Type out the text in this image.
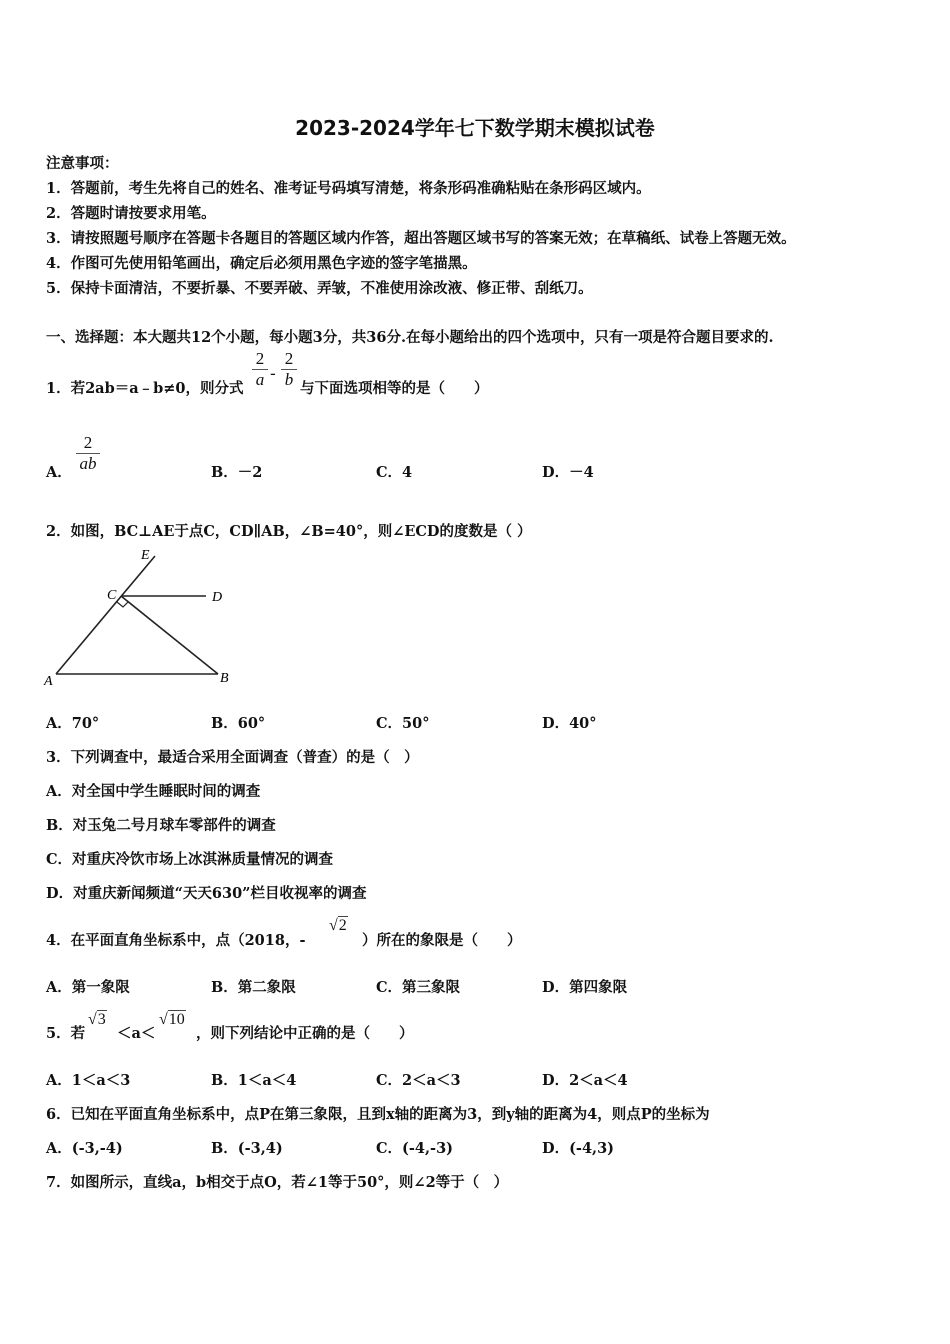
2023-2024学年七下数学期末模拟试卷
注意事项：
1．答题前，考生先将自己的姓名、准考证号码填写清楚，将条形码准确粘贴在条形码区域内。
2．答题时请按要求用笔。
3．请按照题号顺序在答题卡各题目的答题区域内作答，超出答题区域书写的答案无效；在草稿纸、试卷上答题无效。
4．作图可先使用铅笔画出，确定后必须用黑色字迹的签字笔描黑。
5．保持卡面清洁，不要折暴、不要弄破、弄皱，不准使用涂改液、修正带、刮纸刀。
一、选择题：本大题共12个小题，每小题3分，共36分.在每小题给出的四个选项中，只有一项是符合题目要求的.
1．若2ab＝a﹣b≠0，则分式
2
a -
2
b 与下面选项相等的是（　　）
A．
2
ab	B．－2	C．4	D．－4
2．如图，BC⊥AE于点C，CD∥AB，∠B=40°，则∠ECD的度数是（ ）
E
C	D
A	B
A．70°	B．60°	C．50°	D．40°
3．下列调查中，最适合采用全面调查（普查）的是（　）
A．对全国中学生睡眠时间的调查
B．对玉兔二号月球车零部件的调查
C．对重庆冷饮市场上冰淇淋质量情况的调查
D．对重庆新闻频道“天天630”栏目收视率的调查
4．在平面直角坐标系中，点（2018，-
√2
）所在的象限是（　　）
A．第一象限	B．第二象限	C．第三象限	D．第四象限
5．若
√3
＜a＜
√10
，则下列结论中正确的是（　　）
A．1＜a＜3	B．1＜a＜4	C．2＜a＜3	D．2＜a＜4
6．已知在平面直角坐标系中，点P在第三象限，且到x轴的距离为3，到y轴的距离为4，则点P的坐标为
A．(-3,-4)	B．(-3,4)	C．(-4,-3)	D．(-4,3)
7．如图所示，直线a，b相交于点O，若∠1等于50°，则∠2等于（　）
